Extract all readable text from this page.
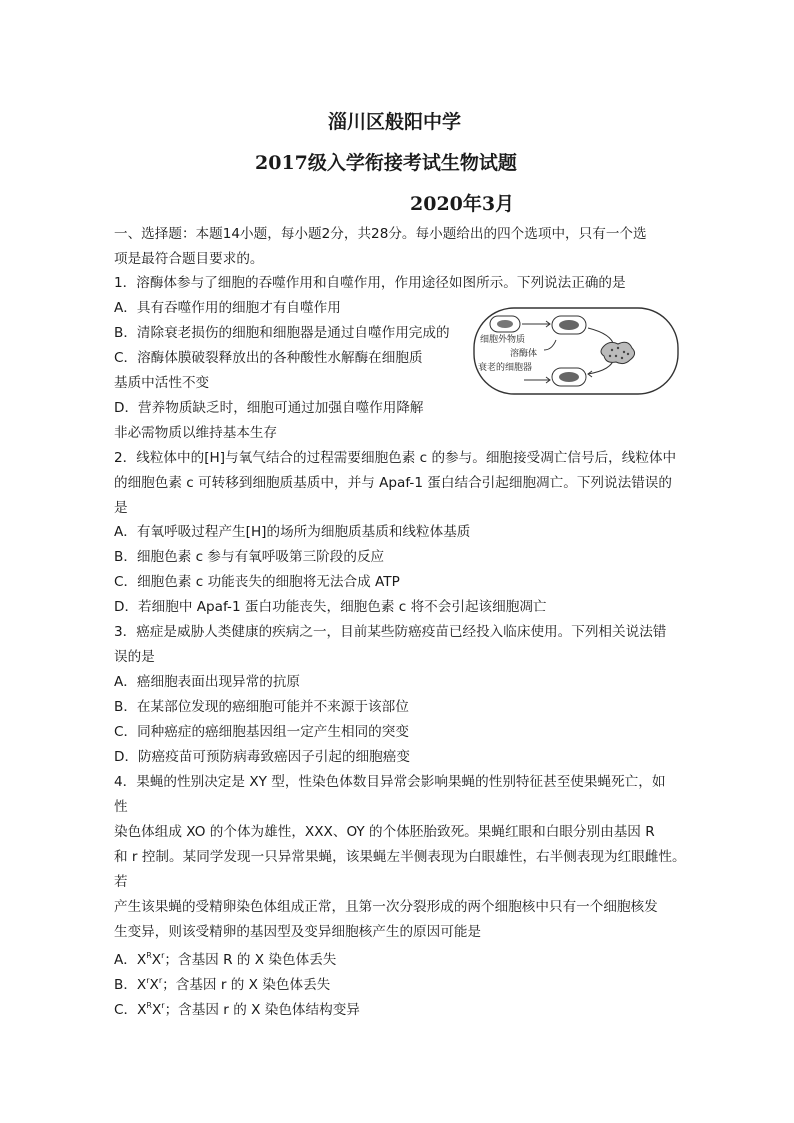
淄川区般阳中学
2017级入学衔接考试生物试题
2020年3月
一、选择题：本题14小题，每小题2分，共28分。每小题给出的四个选项中，只有一个选
项是最符合题目要求的。
1．溶酶体参与了细胞的吞噬作用和自噬作用，作用途径如图所示。下列说法正确的是
A．具有吞噬作用的细胞才有自噬作用
B．清除衰老损伤的细胞和细胞器是通过自噬作用完成的
C．溶酶体膜破裂释放出的各种酸性水解酶在细胞质
基质中活性不变
D．营养物质缺乏时，细胞可通过加强自噬作用降解
非必需物质以维持基本生存
细胞外物质
溶酶体
衰老的细胞器
2．线粒体中的[H]与氧气结合的过程需要细胞色素 c 的参与。细胞接受凋亡信号后，线粒体中
的细胞色素 c 可转移到细胞质基质中，并与 Apaf-1 蛋白结合引起细胞凋亡。下列说法错误的
是
A．有氧呼吸过程产生[H]的场所为细胞质基质和线粒体基质
B．细胞色素 c 参与有氧呼吸第三阶段的反应
C．细胞色素 c 功能丧失的细胞将无法合成 ATP
D．若细胞中 Apaf-1 蛋白功能丧失，细胞色素 c 将不会引起该细胞凋亡
3．癌症是威胁人类健康的疾病之一，目前某些防癌疫苗已经投入临床使用。下列相关说法错
误的是
A．癌细胞表面出现异常的抗原
B．在某部位发现的癌细胞可能并不来源于该部位
C．同种癌症的癌细胞基因组一定产生相同的突变
D．防癌疫苗可预防病毒致癌因子引起的细胞癌变
4．果蝇的性别决定是 XY 型，性染色体数目异常会影响果蝇的性别特征甚至使果蝇死亡，如
性
染色体组成 XO 的个体为雄性，XXX、OY 的个体胚胎致死。果蝇红眼和白眼分别由基因 R
和 r 控制。某同学发现一只异常果蝇，该果蝇左半侧表现为白眼雄性，右半侧表现为红眼雌性。
若
产生该果蝇的受精卵染色体组成正常，且第一次分裂形成的两个细胞核中只有一个细胞核发
生变异，则该受精卵的基因型及变异细胞核产生的原因可能是
A．$X^RX^r$；含基因 R 的 X 染色体丢失
B．$X^rX^r$；含基因 r 的 X 染色体丢失
C．$X^RX^r$；含基因 r 的 X 染色体结构变异
